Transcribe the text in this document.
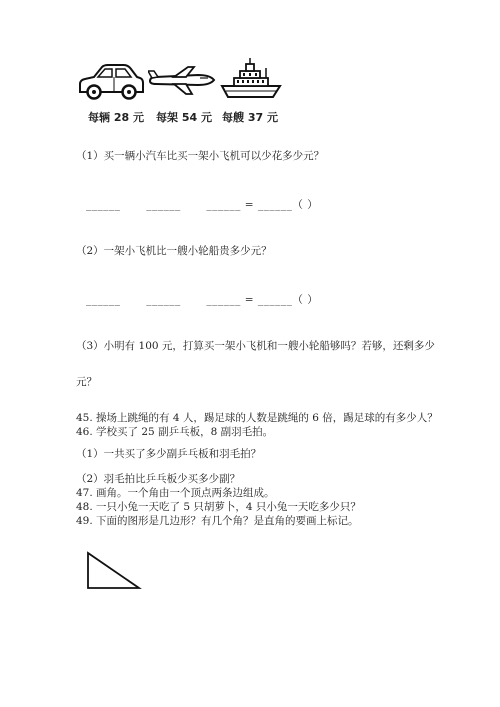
每辆 28 元 每架 54 元 每艘 37 元
（1）买一辆小汽车比买一架小飞机可以少花多少元？
______ ______ ______ = ______（ ）
（2）一架小飞机比一艘小轮船贵多少元？
______ ______ ______ = ______（ ）
（3）小明有 100 元，打算买一架小飞机和一艘小轮船够吗？若够，还剩多少
元？
45. 操场上跳绳的有 4 人，踢足球的人数是跳绳的 6 倍，踢足球的有多少人？
46. 学校买了 25 副乒乓板，8 副羽毛拍。
（1）一共买了多少副乒乓板和羽毛拍？
（2）羽毛拍比乒乓板少买多少副？
47. 画角。一个角由一个顶点两条边组成。
48. 一只小兔一天吃了 5 只胡萝卜，4 只小兔一天吃多少只？
49. 下面的图形是几边形？有几个角？是直角的要画上标记。
